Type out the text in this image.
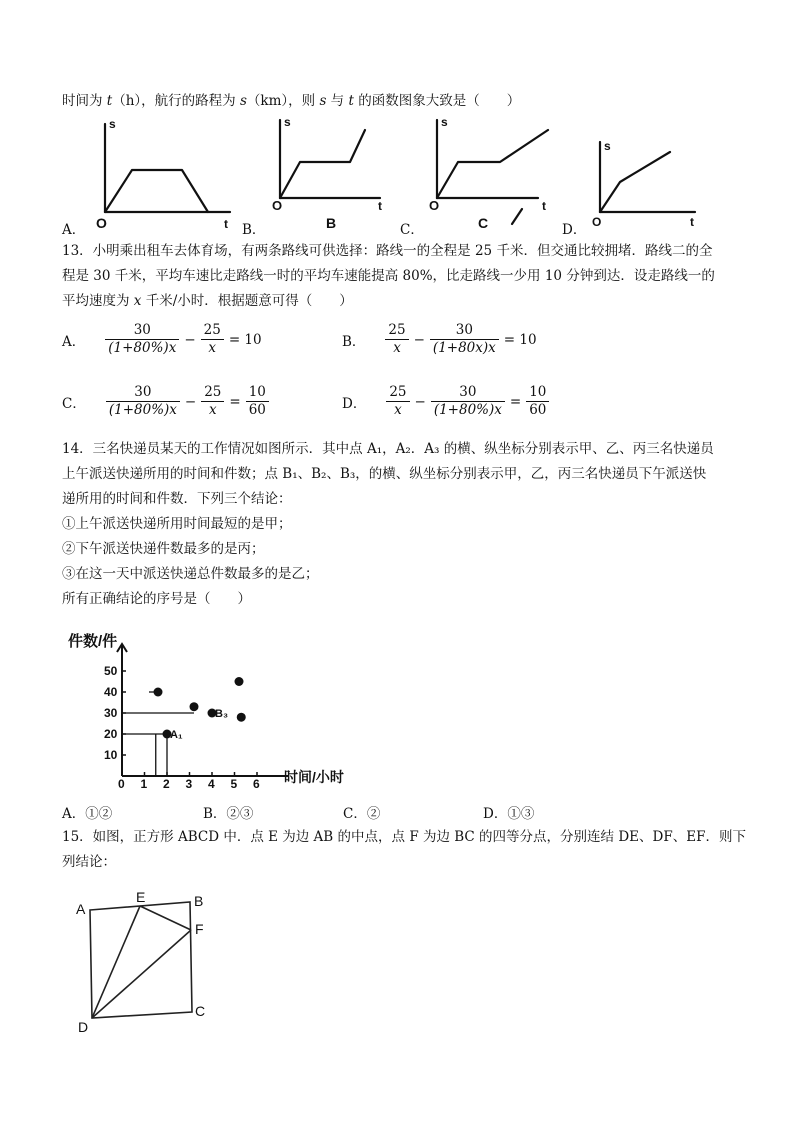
时间为 t（h），航行的路程为 s（km），则 s 与 t 的函数图象大致是（　　）
s
O	t
s
O	t
B
s
O	t
C
s
O	t
A．	B．	C．	D．
13．小明乘出租车去体育场，有两条路线可供选择：路线一的全程是 25 千米．但交通比较拥堵．路线二的全
程是 30 千米，平均车速比走路线一时的平均车速能提高 80%，比走路线一少用 10 分钟到达．设走路线一的
平均速度为 x 千米/小时．根据题意可得（　　）
A． $\frac{30}{(1+80\%)x} - \frac{25}{x} = 10$	B． $\frac{25}{x} - \frac{30}{(1+80x)x} = 10$
C． $\frac{30}{(1+80\%)x} - \frac{25}{x} = \frac{10}{60}$	D． $\frac{25}{x} - \frac{30}{(1+80\%)x} = \frac{10}{60}$
14．三名快递员某天的工作情况如图所示．其中点 A₁，A₂．A₃ 的横、纵坐标分别表示甲、乙、丙三名快递员
上午派送快递所用的时间和件数；点 B₁、B₂、B₃，的横、纵坐标分别表示甲，乙，丙三名快递员下午派送快
递所用的时间和件数．下列三个结论：
①上午派送快递所用时间最短的是甲；
②下午派送快递件数最多的是丙；
③在这一天中派送快递总件数最多的是乙；
所有正确结论的序号是（　　）
件数/件
时间/小时
0 1 2 3 4 5 6
10
20
30
40
50
A₁
B₃
A．①②	B．②③	C．②	D．①③
15．如图，正方形 ABCD 中．点 E 为边 AB 的中点，点 F 为边 BC 的四等分点，分别连结 DE、DF、EF．则下
列结论：
A
E	B
F
C
D
